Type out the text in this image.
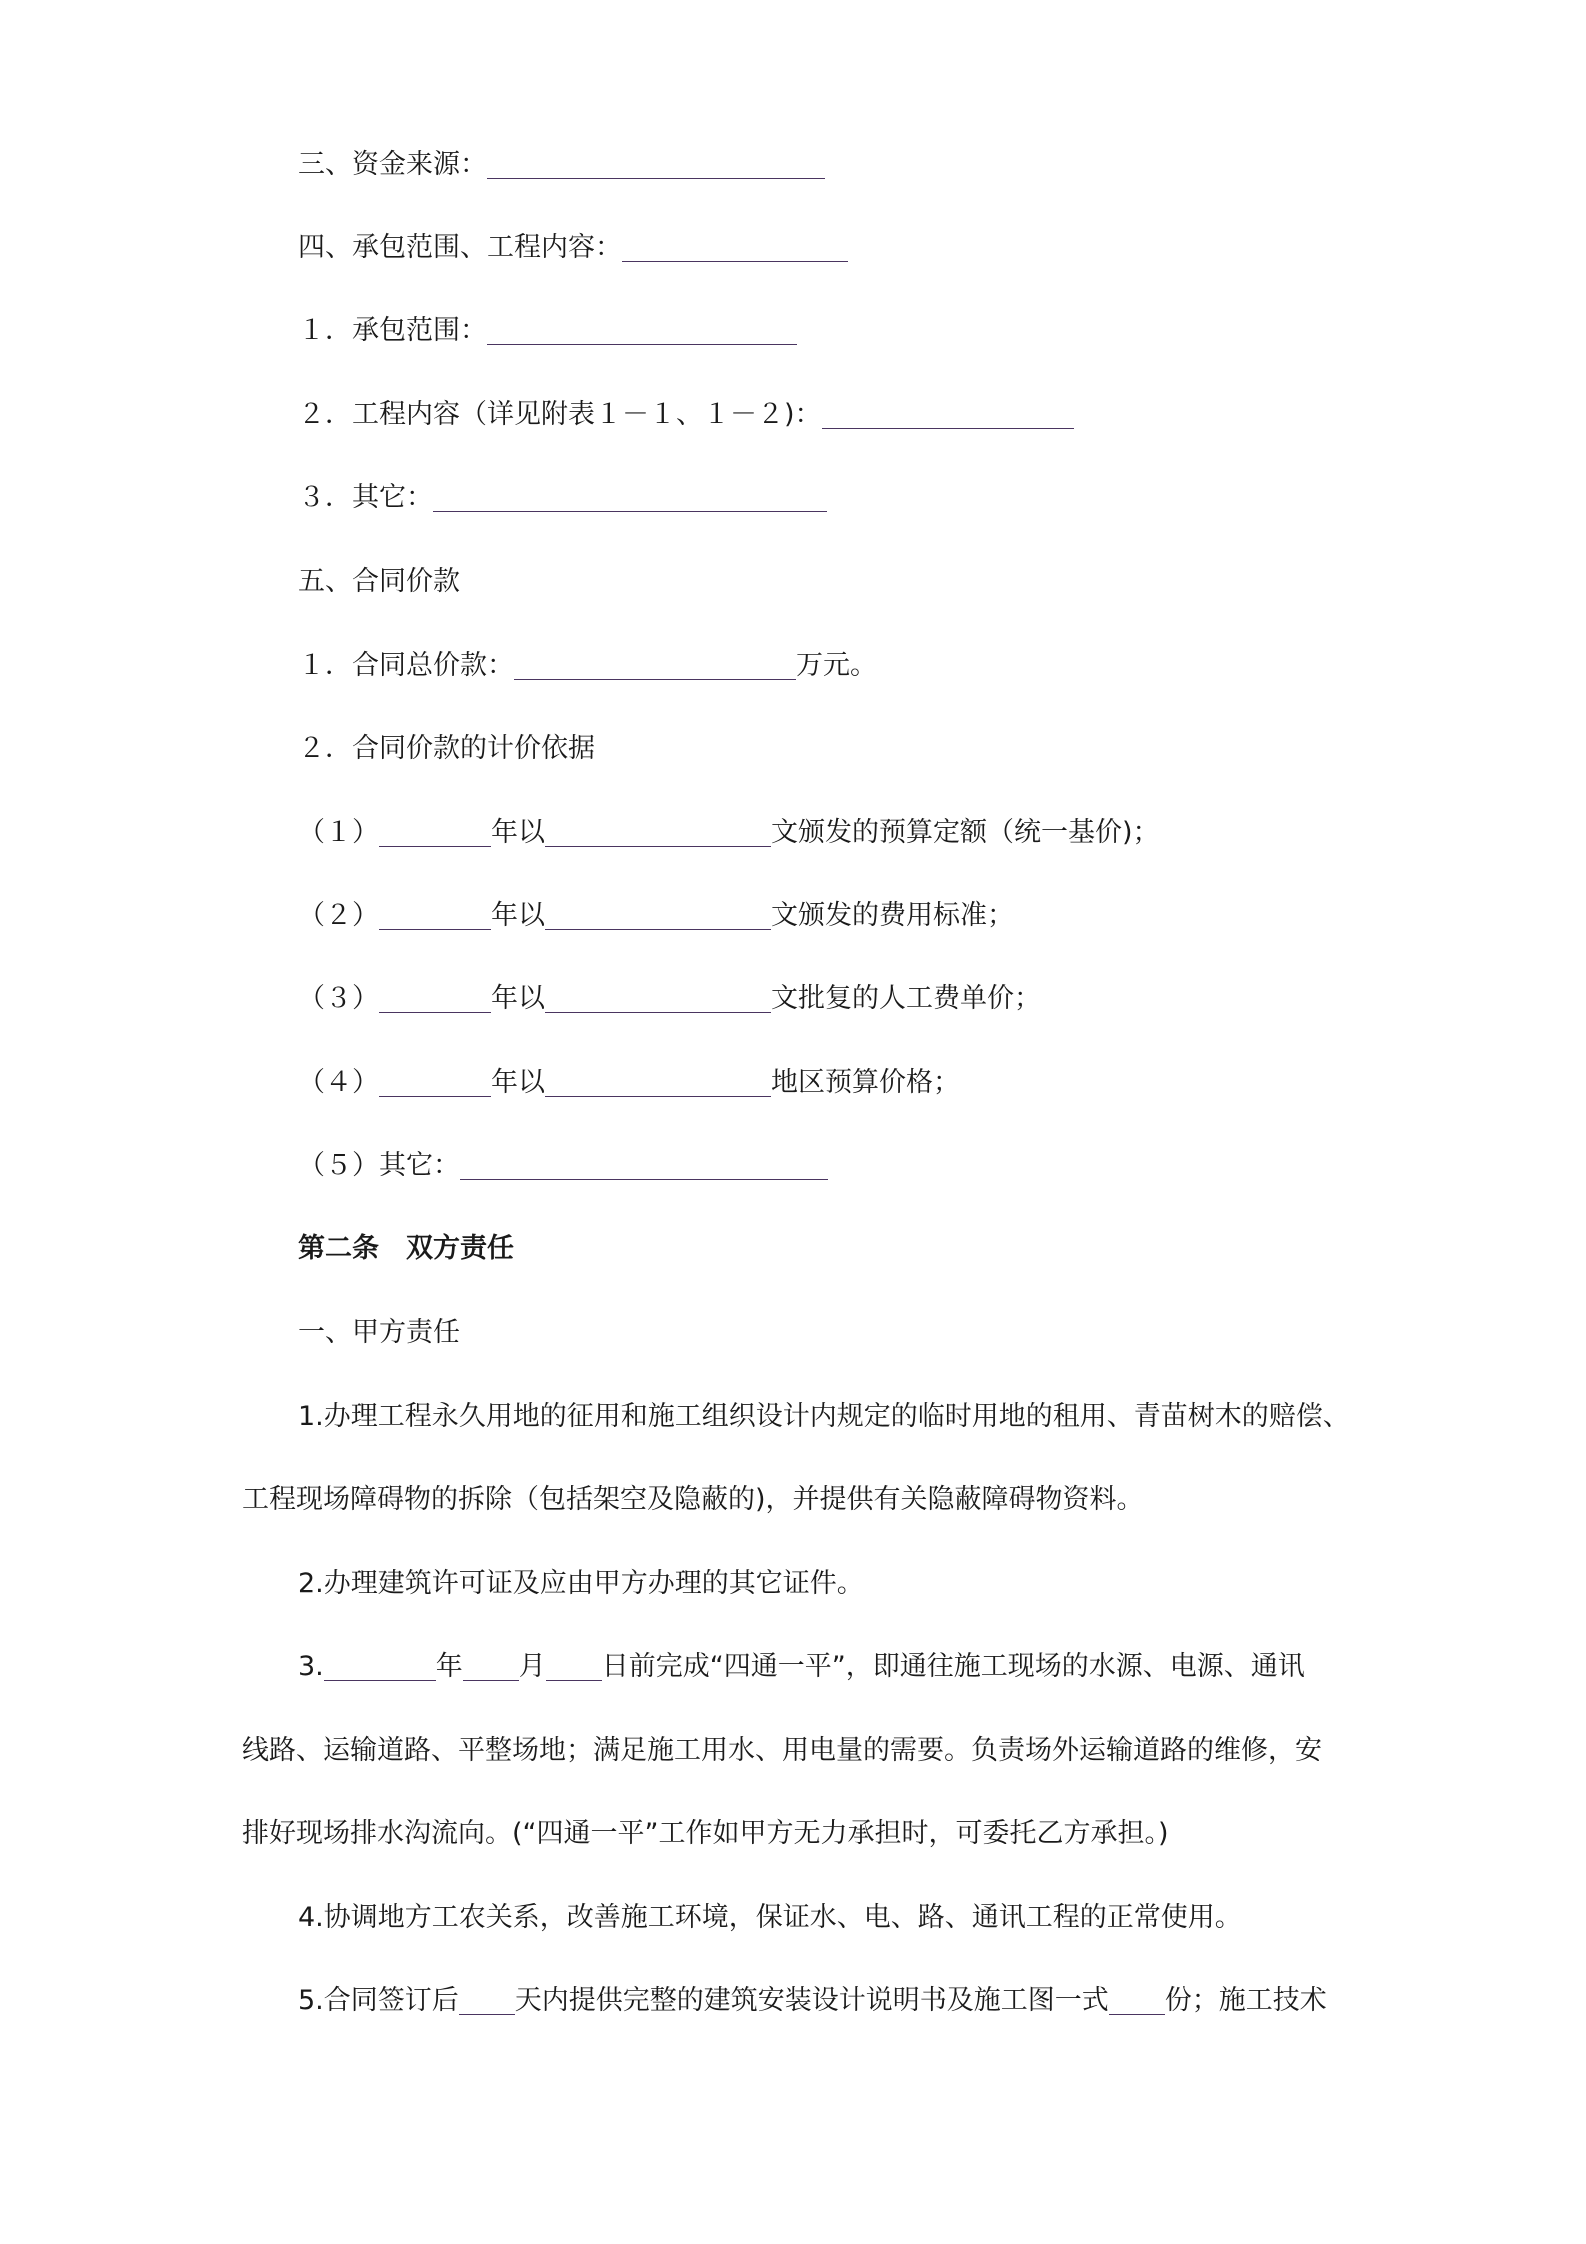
三、资金来源：
四、承包范围、工程内容：
１．承包范围：
２．工程内容（详见附表１－１、１－２)：
３．其它：
五、合同价款
１．合同总价款：	万元。
２．合同价款的计价依据
（１）	年以	文颁发的预算定额（统一基价)；
（２）	年以	文颁发的费用标准；
（３）	年以	文批复的人工费单价；
（４）	年以	地区预算价格；
（５）其它：
第二条　双方责任
一、甲方责任
1.办理工程永久用地的征用和施工组织设计内规定的临时用地的租用、青苗树木的赔偿、
工程现场障碍物的拆除（包括架空及隐蔽的)，并提供有关隐蔽障碍物资料。
2.办理建筑许可证及应由甲方办理的其它证件。
3.	年 月 日前完成“四通一平”，即通往施工现场的水源、电源、通讯
线路、运输道路、平整场地；满足施工用水、用电量的需要。负责场外运输道路的维修，安
排好现场排水沟流向。(“四通一平”工作如甲方无力承担时，可委托乙方承担。)
4.协调地方工农关系，改善施工环境，保证水、电、路、通讯工程的正常使用。
5.合同签订后 天内提供完整的建筑安装设计说明书及施工图一式 份；施工技术
